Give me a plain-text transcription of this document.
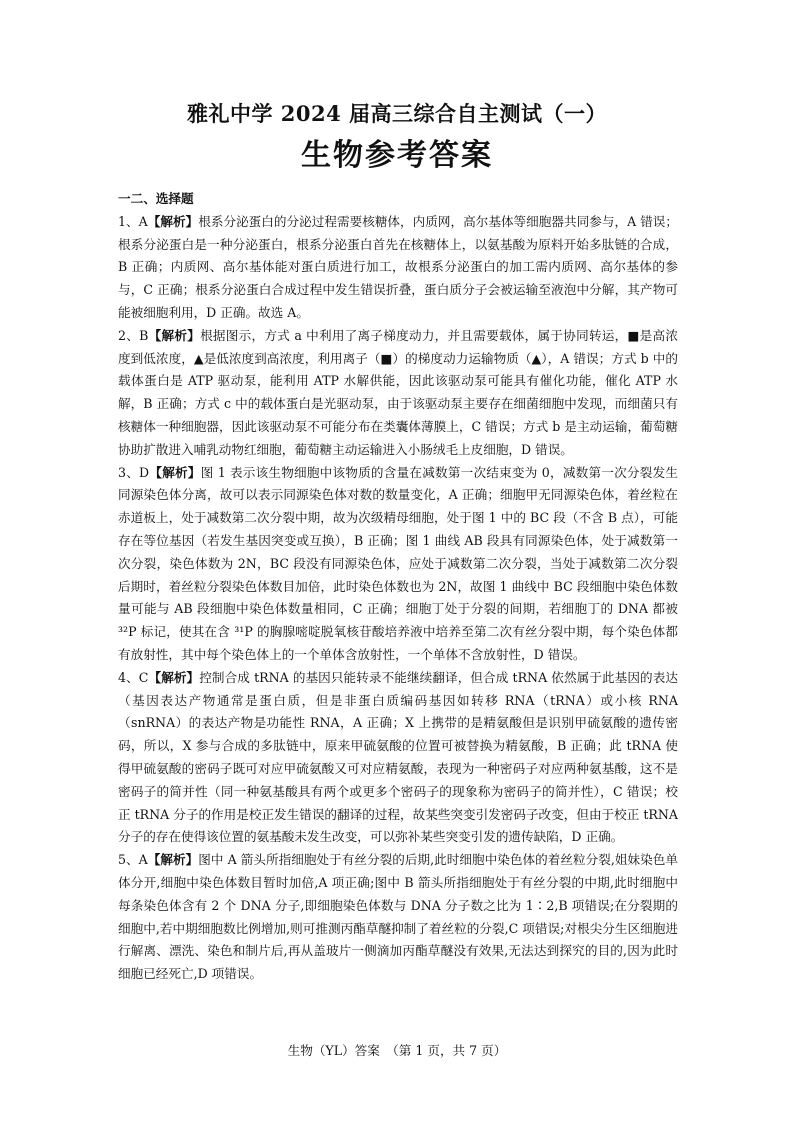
雅礼中学 2024 届高三综合自主测试（一）
生物参考答案

一二、选择题

1、A【解析】根系分泌蛋白的分泌过程需要核糖体，内质网，高尔基体等细胞器共同参与，A 错误；根系分泌蛋白是一种分泌蛋白，根系分泌蛋白首先在核糖体上，以氨基酸为原料开始多肽链的合成，B 正确；内质网、高尔基体能对蛋白质进行加工，故根系分泌蛋白的加工需内质网、高尔基体的参与，C 正确；根系分泌蛋白合成过程中发生错误折叠，蛋白质分子会被运输至液泡中分解，其产物可能被细胞利用，D 正确。故选 A。

2、B【解析】根据图示，方式 a 中利用了离子梯度动力，并且需要载体，属于协同转运，■是高浓度到低浓度，▲是低浓度到高浓度，利用离子（■）的梯度动力运输物质（▲），A 错误；方式 b 中的载体蛋白是 ATP 驱动泵，能利用 ATP 水解供能，因此该驱动泵可能具有催化功能，催化 ATP 水解，B 正确；方式 c 中的载体蛋白是光驱动泵，由于该驱动泵主要存在细菌细胞中发现，而细菌只有核糖体一种细胞器，因此该驱动泵不可能分布在类囊体薄膜上，C 错误；方式 b 是主动运输，葡萄糖协助扩散进入哺乳动物红细胞，葡萄糖主动运输进入小肠绒毛上皮细胞，D 错误。

3、D【解析】图 1 表示该生物细胞中该物质的含量在减数第一次结束变为 0，减数第一次分裂发生同源染色体分离，故可以表示同源染色体对数的数量变化，A 正确；细胞甲无同源染色体，着丝粒在赤道板上，处于减数第二次分裂中期，故为次级精母细胞，处于图 1 中的 BC 段（不含 B 点），可能存在等位基因（若发生基因突变或互换），B 正确；图 1 曲线 AB 段具有同源染色体，处于减数第一次分裂，染色体数为 2N，BC 段没有同源染色体，应处于减数第二次分裂，当处于减数第二次分裂后期时，着丝粒分裂染色体数目加倍，此时染色体数也为 2N，故图 1 曲线中 BC 段细胞中染色体数量可能与 AB 段细胞中染色体数量相同，C 正确；细胞丁处于分裂的间期，若细胞丁的 DNA 都被 ³²P 标记，使其在含 ³¹P 的胸腺嘧啶脱氧核苷酸培养液中培养至第二次有丝分裂中期，每个染色体都有放射性，其中每个染色体上的一个单体含放射性，一个单体不含放射性，D 错误。

4、C【解析】控制合成 tRNA 的基因只能转录不能继续翻译，但合成 tRNA 依然属于此基因的表达（基因表达产物通常是蛋白质，但是非蛋白质编码基因如转移 RNA（tRNA）或小核 RNA（snRNA）的表达产物是功能性 RNA，A 正确；X 上携带的是精氨酸但是识别甲硫氨酸的遗传密码，所以，X 参与合成的多肽链中，原来甲硫氨酸的位置可被替换为精氨酸，B 正确；此 tRNA 使得甲硫氨酸的密码子既可对应甲硫氨酸又可对应精氨酸，表现为一种密码子对应两种氨基酸，这不是密码子的简并性（同一种氨基酸具有两个或更多个密码子的现象称为密码子的简并性），C 错误；校正 tRNA 分子的作用是校正发生错误的翻译的过程，故某些突变引发密码子改变，但由于校正 tRNA 分子的存在使得该位置的氨基酸未发生改变，可以弥补某些突变引发的遗传缺陷，D 正确。

5、A【解析】图中 A 箭头所指细胞处于有丝分裂的后期,此时细胞中染色体的着丝粒分裂,姐妹染色单体分开,细胞中染色体数目暂时加倍,A 项正确;图中 B 箭头所指细胞处于有丝分裂的中期,此时细胞中每条染色体含有 2 个 DNA 分子,即细胞染色体数与 DNA 分子数之比为 1∶2,B 项错误;在分裂期的细胞中,若中期细胞数比例增加,则可推测丙酯草醚抑制了着丝粒的分裂,C 项错误;对根尖分生区细胞进行解离、漂洗、染色和制片后,再从盖玻片一侧滴加丙酯草醚没有效果,无法达到探究的目的,因为此时细胞已经死亡,D 项错误。

生物（YL）答案　（第 1 页，共 7 页）
